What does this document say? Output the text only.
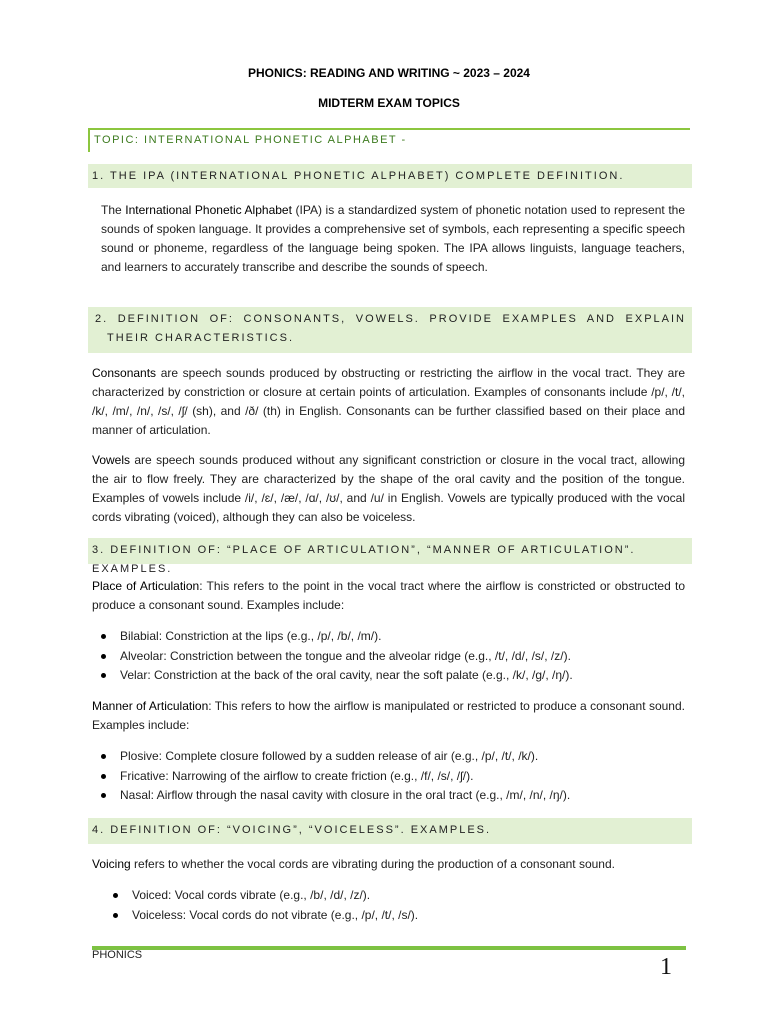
PHONICS: READING AND WRITING ~ 2023 – 2024
MIDTERM EXAM TOPICS
TOPIC: INTERNATIONAL PHONETIC ALPHABET -
1. THE IPA (INTERNATIONAL PHONETIC ALPHABET) COMPLETE DEFINITION.

The International Phonetic Alphabet (IPA) is a standardized system of phonetic notation used to represent the sounds of spoken language. It provides a comprehensive set of symbols, each representing a specific speech sound or phoneme, regardless of the language being spoken. The IPA allows linguists, language teachers, and learners to accurately transcribe and describe the sounds of speech.

2. DEFINITION OF: CONSONANTS, VOWELS. PROVIDE EXAMPLES AND EXPLAIN THEIR CHARACTERISTICS.

Consonants are speech sounds produced by obstructing or restricting the airflow in the vocal tract. They are characterized by constriction or closure at certain points of articulation. Examples of consonants include /p/, /t/, /k/, /m/, /n/, /s/, /ʃ/ (sh), and /ð/ (th) in English. Consonants can be further classified based on their place and manner of articulation.

Vowels are speech sounds produced without any significant constriction or closure in the vocal tract, allowing the air to flow freely. They are characterized by the shape of the oral cavity and the position of the tongue. Examples of vowels include /i/, /ɛ/, /æ/, /ɑ/, /ʊ/, and /u/ in English. Vowels are typically produced with the vocal cords vibrating (voiced), although they can also be voiceless.

3. DEFINITION OF: “PLACE OF ARTICULATION”, “MANNER OF ARTICULATION”. EXAMPLES.

Place of Articulation: This refers to the point in the vocal tract where the airflow is constricted or obstructed to produce a consonant sound. Examples include:

Bilabial: Constriction at the lips (e.g., /p/, /b/, /m/).
Alveolar: Constriction between the tongue and the alveolar ridge (e.g., /t/, /d/, /s/, /z/).
Velar: Constriction at the back of the oral cavity, near the soft palate (e.g., /k/, /g/, /ŋ/).

Manner of Articulation: This refers to how the airflow is manipulated or restricted to produce a consonant sound. Examples include:

Plosive: Complete closure followed by a sudden release of air (e.g., /p/, /t/, /k/).
Fricative: Narrowing of the airflow to create friction (e.g., /f/, /s/, /ʃ/).
Nasal: Airflow through the nasal cavity with closure in the oral tract (e.g., /m/, /n/, /ŋ/).
4. DEFINITION OF: “VOICING”, “VOICELESS”. EXAMPLES.

Voicing refers to whether the vocal cords are vibrating during the production of a consonant sound.

Voiced: Vocal cords vibrate (e.g., /b/, /d/, /z/).
Voiceless: Vocal cords do not vibrate (e.g., /p/, /t/, /s/).
PHONICS	1
